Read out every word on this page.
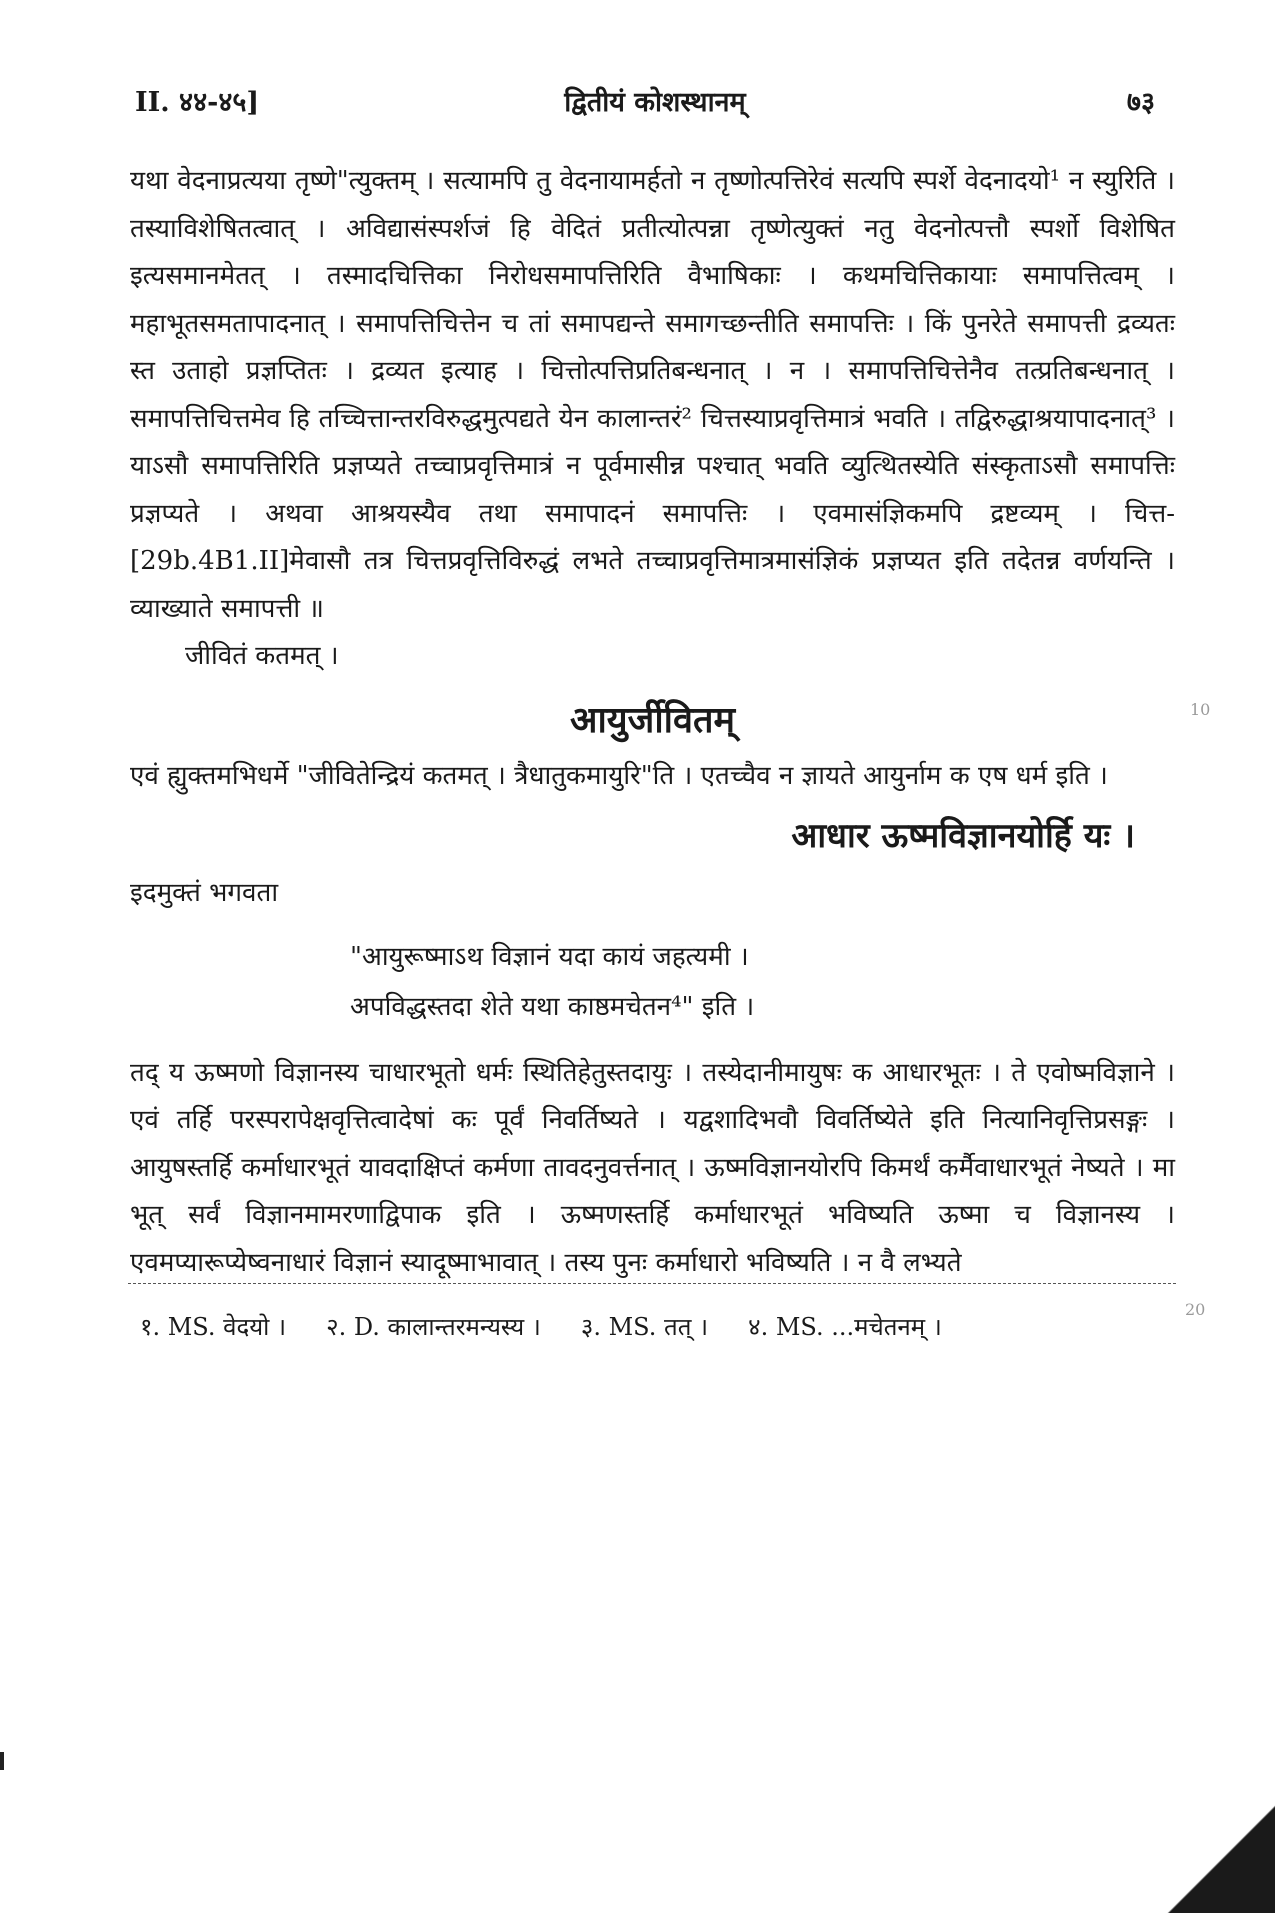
II. ४४-४५]	द्वितीयं कोशस्थानम्	७३

यथा वेदनाप्रत्यया तृष्णे"त्युक्तम् । सत्यामपि तु वेदनायामर्हतो न तृष्णोत्पत्तिरेवं सत्यपि स्पर्शे वेदनादयो¹ न स्युरिति । तस्याविशेषितत्वात् । अविद्यासंस्पर्शजं हि वेदितं प्रतीत्योत्पन्ना तृष्णेत्युक्तं नतु वेदनोत्पत्तौ स्पर्शो विशेषित इत्यसमानमेतत् । तस्मादचित्तिका निरोधसमापत्तिरिति वैभाषिकाः । कथमचित्तिकायाः समापत्तित्वम् । महाभूतसमतापादनात् । समापत्तिचित्तेन च तां समापद्यन्ते समागच्छन्तीति समापत्तिः । किं पुनरेते समापत्ती द्रव्यतः स्त उताहो प्रज्ञप्तितः । द्रव्यत इत्याह । चित्तोत्पत्तिप्रतिबन्धनात् । न । समापत्तिचित्तेनैव तत्प्रतिबन्धनात् । समापत्तिचित्तमेव हि तच्चित्तान्तरविरुद्धमुत्पद्यते येन कालान्तरं² चित्तस्याप्रवृत्तिमात्रं भवति । तद्विरुद्धाश्रयापादनात्³ । याऽसौ समापत्तिरिति प्रज्ञप्यते तच्चाप्रवृत्तिमात्रं न पूर्वमासीन्न पश्चात् भवति व्युत्थितस्येति संस्कृताऽसौ समापत्तिः प्रज्ञप्यते । अथवा आश्रयस्यैव तथा समापादनं समापत्तिः । एवमासंज्ञिकमपि द्रष्टव्यम् । चित्त-[29b.4B1.II]मेवासौ तत्र चित्तप्रवृत्तिविरुद्धं लभते तच्चाप्रवृत्तिमात्रमासंज्ञिकं प्रज्ञप्यत इति तदेतन्न वर्णयन्ति । व्याख्याते समापत्ती ॥

जीवितं कतमत् ।

आयुर्जीवितम्

एवं ह्युक्तमभिधर्मे "जीवितेन्द्रियं कतमत् । त्रैधातुकमायुरि"ति । एतच्चैव न ज्ञायते आयुर्नाम क एष धर्म इति ।

आधार ऊष्मविज्ञानयोर्हि यः ।

इदमुक्तं भगवता

"आयुरूष्माऽथ विज्ञानं यदा कायं जहत्यमी ।
अपविद्धस्तदा शेते यथा काष्ठमचेतन⁴" इति ।

तद् य ऊष्मणो विज्ञानस्य चाधारभूतो धर्मः स्थितिहेतुस्तदायुः । तस्येदानीमायुषः क आधारभूतः । ते एवोष्मविज्ञाने । एवं तर्हि परस्परापेक्षवृत्तित्वादेषां कः पूर्वं निवर्तिष्यते । यद्वशादिभवौ विवर्तिष्येते इति नित्यानिवृत्तिप्रसङ्गः । आयुषस्तर्हि कर्माधारभूतं यावदाक्षिप्तं कर्मणा तावदनुवर्त्तनात् । ऊष्मविज्ञानयोरपि किमर्थं कर्मैवाधारभूतं नेष्यते । मा भूत् सर्वं विज्ञानमामरणाद्विपाक इति । ऊष्मणस्तर्हि कर्माधारभूतं भविष्यति ऊष्मा च विज्ञानस्य । एवमप्यारूप्येष्वनाधारं विज्ञानं स्यादूष्माभावात् । तस्य पुनः कर्माधारो भविष्यति । न वै लभ्यते

१. MS. वेदयो । २. D. कालान्तरमन्यस्य । ३. MS. तत् । ४. MS. ...मचेतनम् ।
10
20
